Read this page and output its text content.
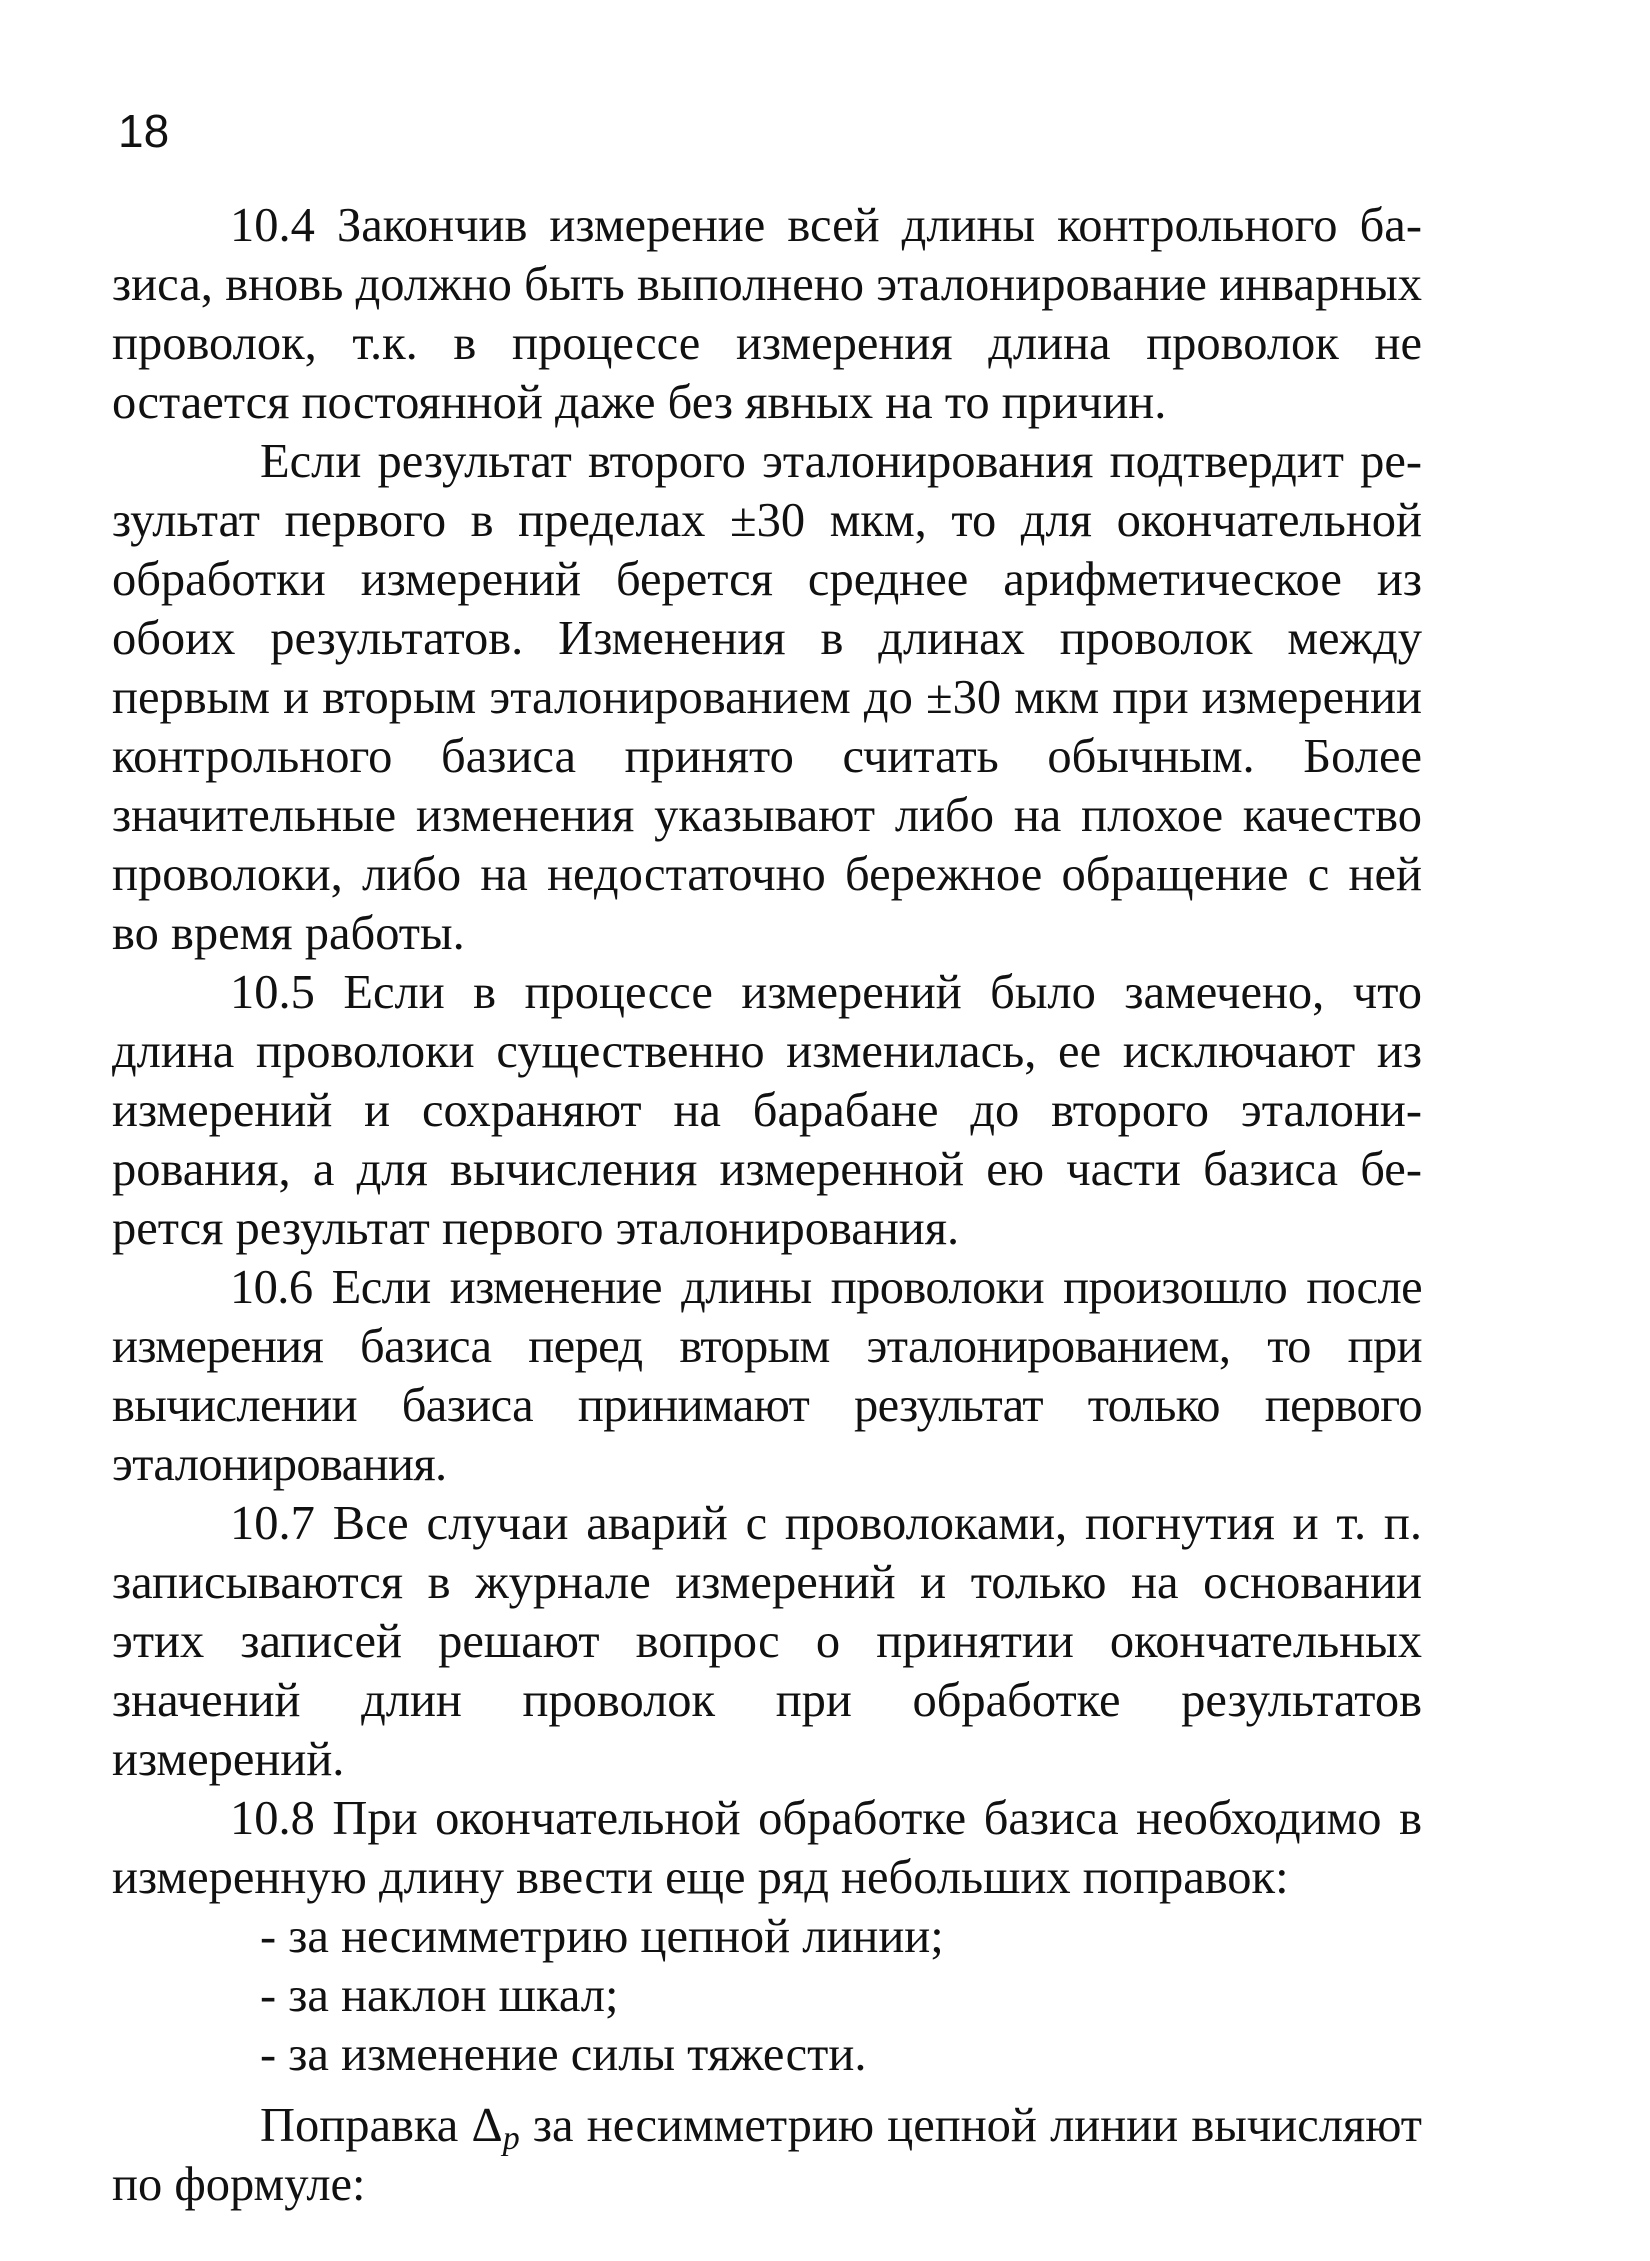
18

10.4 Закончив измерение всей длины контрольного базиса, вновь должно быть выполнено эталонирование инварных проволок, т.к. в процессе измерения длина проволок не остается постоянной даже без явных на то причин.

Если результат второго эталонирования подтвердит результат первого в пределах ±30 мкм, то для окончательной обработки измерений берется среднее арифметическое из обоих результатов. Изменения в длинах проволок между первым и вторым эталонированием до ±30 мкм при измерении контрольного базиса принято считать обычным. Более значительные изменения указывают либо на плохое качество проволоки, либо на недостаточно бережное обращение с ней во время работы.

10.5 Если в процессе измерений было замечено, что длина проволоки существенно изменилась, ее исключают из измерений и сохраняют на барабане до второго эталонирования, а для вычисления измеренной ею части базиса берется результат первого эталонирования.

10.6 Если изменение длины проволоки произошло после измерения базиса перед вторым эталонированием, то при вычислении базиса принимают результат только первого эталонирования.

10.7 Все случаи аварий с проволоками, погнутия и т. п. записываются в журнале измерений и только на основании этих записей решают вопрос о принятии окончательных значений длин проволок при обработке результатов измерений.

10.8 При окончательной обработке базиса необходимо в измеренную длину ввести еще ряд небольших поправок:

- за несимметрию цепной линии;

- за наклон шкал;

- за изменение силы тяжести.

Поправка $\Delta_p$ за несимметрию цепной линии вычисляют по формуле:
